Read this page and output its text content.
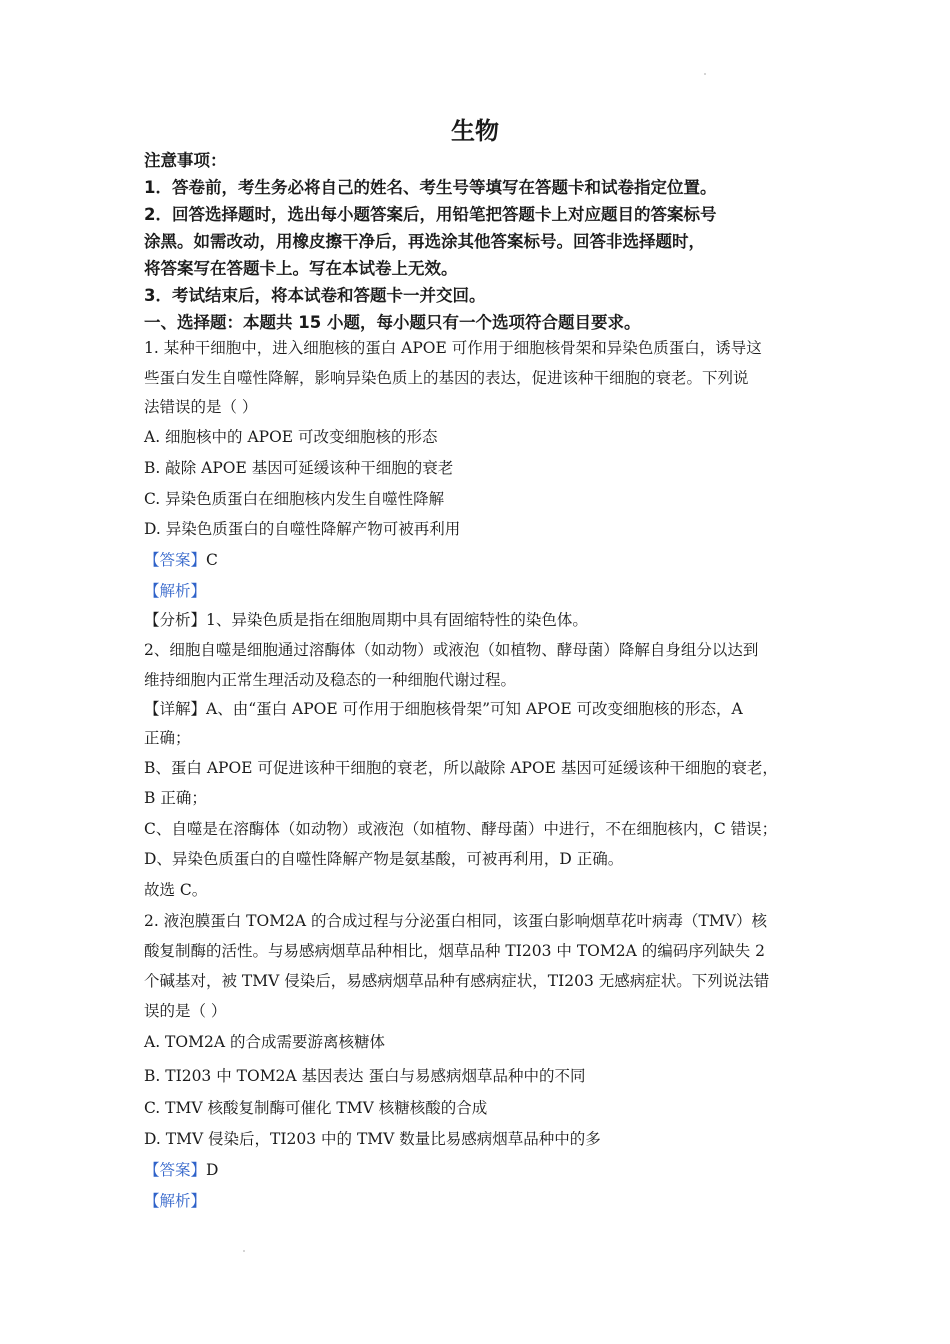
生物
注意事项：
1．答卷前，考生务必将自己的姓名、考生号等填写在答题卡和试卷指定位置。
2．回答选择题时，选出每小题答案后，用铅笔把答题卡上对应题目的答案标号
涂黑。如需改动，用橡皮擦干净后，再选涂其他答案标号。回答非选择题时，
将答案写在答题卡上。写在本试卷上无效。
3．考试结束后，将本试卷和答题卡一并交回。
一、选择题：本题共 15 小题，每小题只有一个选项符合题目要求。
1. 某种干细胞中，进入细胞核的蛋白 APOE 可作用于细胞核骨架和异染色质蛋白，诱导这
些蛋白发生自噬性降解，影响异染色质上的基因的表达，促进该种干细胞的衰老。下列说
法错误的是（ ）
A. 细胞核中的 APOE 可改变细胞核的形态
B. 敲除 APOE 基因可延缓该种干细胞的衰老
C. 异染色质蛋白在细胞核内发生自噬性降解
D. 异染色质蛋白的自噬性降解产物可被再利用
【答案】C
【解析】
【分析】1、异染色质是指在细胞周期中具有固缩特性的染色体。
2、细胞自噬是细胞通过溶酶体（如动物）或液泡（如植物、酵母菌）降解自身组分以达到
维持细胞内正常生理活动及稳态的一种细胞代谢过程。
【详解】A、由“蛋白 APOE 可作用于细胞核骨架”可知 APOE 可改变细胞核的形态，A
正确；
B、蛋白 APOE 可促进该种干细胞的衰老，所以敲除 APOE 基因可延缓该种干细胞的衰老，
B 正确；
C、自噬是在溶酶体（如动物）或液泡（如植物、酵母菌）中进行，不在细胞核内，C 错误；
D、异染色质蛋白的自噬性降解产物是氨基酸，可被再利用，D 正确。
故选 C。
2. 液泡膜蛋白 TOM2A 的合成过程与分泌蛋白相同，该蛋白影响烟草花叶病毒（TMV）核
酸复制酶的活性。与易感病烟草品种相比，烟草品种 TI203 中 TOM2A 的编码序列缺失 2
个碱基对，被 TMV 侵染后，易感病烟草品种有感病症状，TI203 无感病症状。下列说法错
误的是（ ）
A. TOM2A 的合成需要游离核糖体
B. TI203 中 TOM2A 基因表达 蛋白与易感病烟草品种中的不同
C. TMV 核酸复制酶可催化 TMV 核糖核酸的合成
D. TMV 侵染后，TI203 中的 TMV 数量比易感病烟草品种中的多
【答案】D
【解析】
